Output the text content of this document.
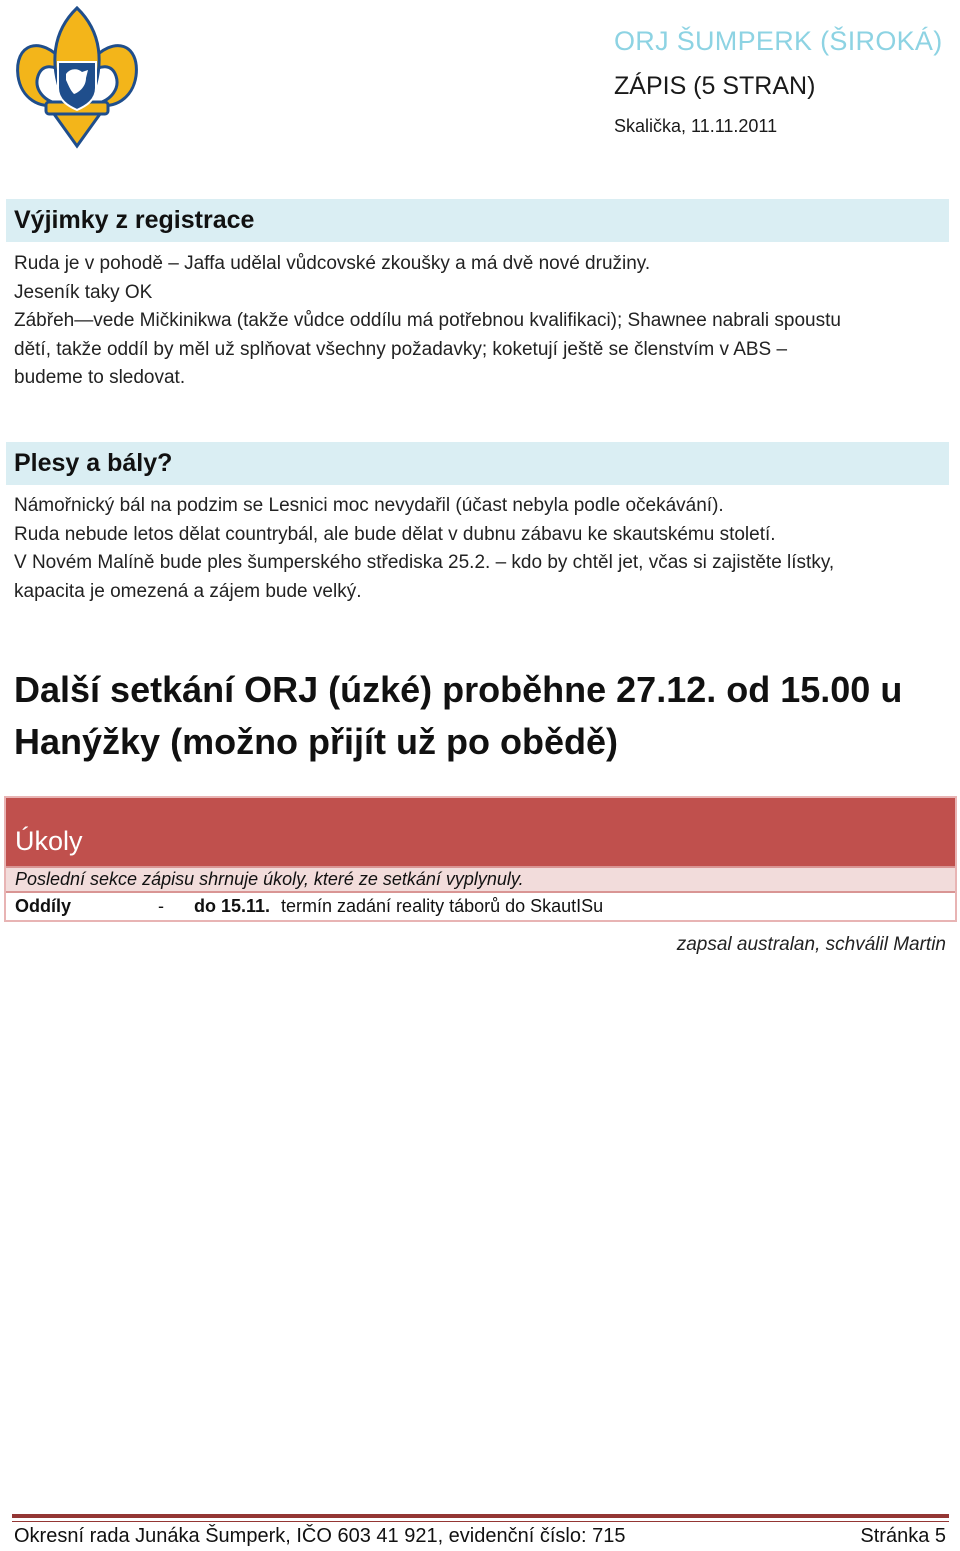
ORJ ŠUMPERK (ŠIROKÁ)
ZÁPIS (5 STRAN)
Skalička, 11.11.2011
Výjimky z registrace
Ruda je v pohodě – Jaffa udělal vůdcovské zkoušky a má dvě nové družiny.
Jeseník taky OK
Zábřeh—vede Mičkinikwa (takže vůdce oddílu má potřebnou kvalifikaci); Shawnee nabrali spoustu
dětí, takže oddíl by měl už splňovat všechny požadavky; koketují ještě se členstvím v ABS –
budeme to sledovat.
Plesy a bály?
Námořnický bál na podzim se Lesnici moc nevydařil (účast nebyla podle očekávání).
Ruda nebude letos dělat countrybál, ale bude dělat v dubnu zábavu ke skautskému století.
V Novém Malíně bude ples šumperského střediska 25.2. – kdo by chtěl jet, včas si zajistěte lístky,
kapacita je omezená a zájem bude velký.
Další setkání ORJ (úzké) proběhne 27.12. od 15.00 u
Hanýžky (možno přijít už po obědě)
Úkoly
Poslední sekce zápisu shrnuje úkoly, které ze setkání vyplynuly.
Oddíly	- do 15.11. termín zadání reality táborů do SkautISu
zapsal australan, schválil Martin
Okresní rada Junáka Šumperk, IČO 603 41 921, evidenční číslo: 715	Stránka 5
